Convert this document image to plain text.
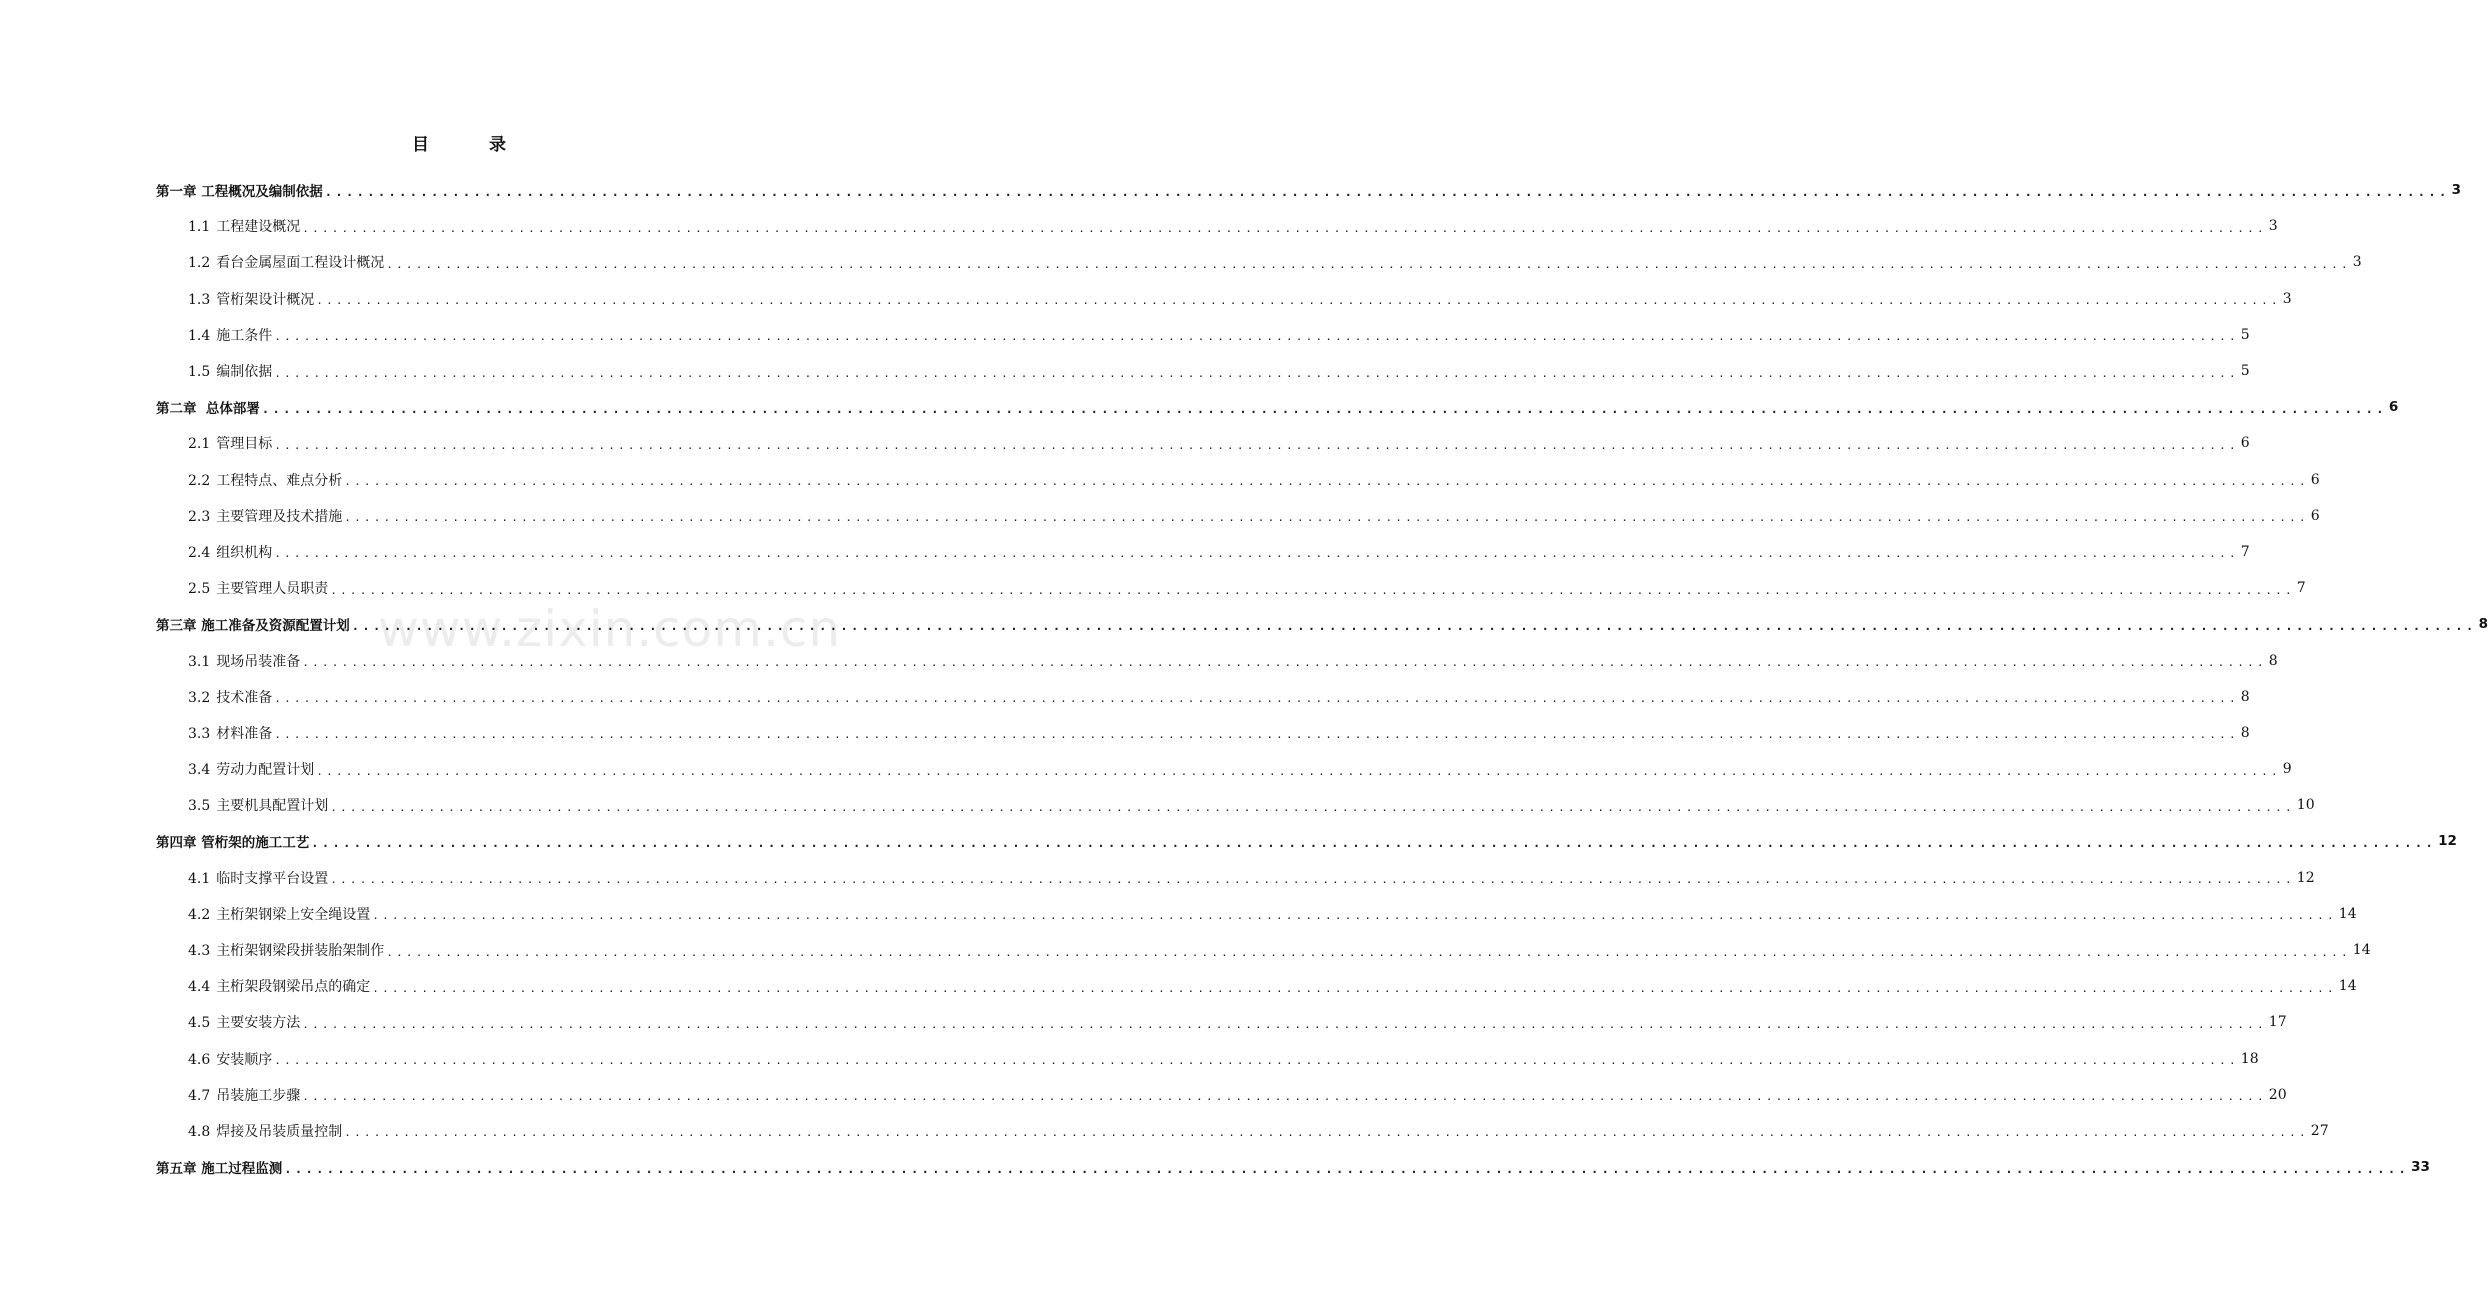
目	录
www.zixin.com.cn
第一章 工程概况及编制依据 ........................................................................................................................................................................................................ 3
1.1 工程建设概况 ........................................................................................................................................................................................................ 3
1.2 看台金属屋面工程设计概况 ........................................................................................................................................................................................................ 3
1.3 管桁架设计概况 ........................................................................................................................................................................................................ 3
1.4 施工条件 ........................................................................................................................................................................................................ 5
1.5 编制依据 ........................................................................................................................................................................................................ 5
第二章  总体部署 ........................................................................................................................................................................................................ 6
2.1 管理目标 ........................................................................................................................................................................................................ 6
2.2 工程特点、难点分析 ........................................................................................................................................................................................................ 6
2.3 主要管理及技术措施 ........................................................................................................................................................................................................ 6
2.4 组织机构 ........................................................................................................................................................................................................ 7
2.5 主要管理人员职责 ........................................................................................................................................................................................................ 7
第三章 施工准备及资源配置计划 ........................................................................................................................................................................................................ 8
3.1 现场吊装准备 ........................................................................................................................................................................................................ 8
3.2 技术准备 ........................................................................................................................................................................................................ 8
3.3 材料准备 ........................................................................................................................................................................................................ 8
3.4 劳动力配置计划 ........................................................................................................................................................................................................ 9
3.5 主要机具配置计划 ........................................................................................................................................................................................................ 10
第四章 管桁架的施工工艺 ........................................................................................................................................................................................................ 12
4.1 临时支撑平台设置 ........................................................................................................................................................................................................ 12
4.2 主桁架钢梁上安全绳设置 ........................................................................................................................................................................................................ 14
4.3 主桁架钢梁段拼装胎架制作 ........................................................................................................................................................................................................ 14
4.4 主桁架段钢梁吊点的确定 ........................................................................................................................................................................................................ 14
4.5 主要安装方法 ........................................................................................................................................................................................................ 17
4.6 安装顺序 ........................................................................................................................................................................................................ 18
4.7 吊装施工步骤 ........................................................................................................................................................................................................ 20
4.8 焊接及吊装质量控制 ........................................................................................................................................................................................................ 27
第五章 施工过程监测 ........................................................................................................................................................................................................ 33
